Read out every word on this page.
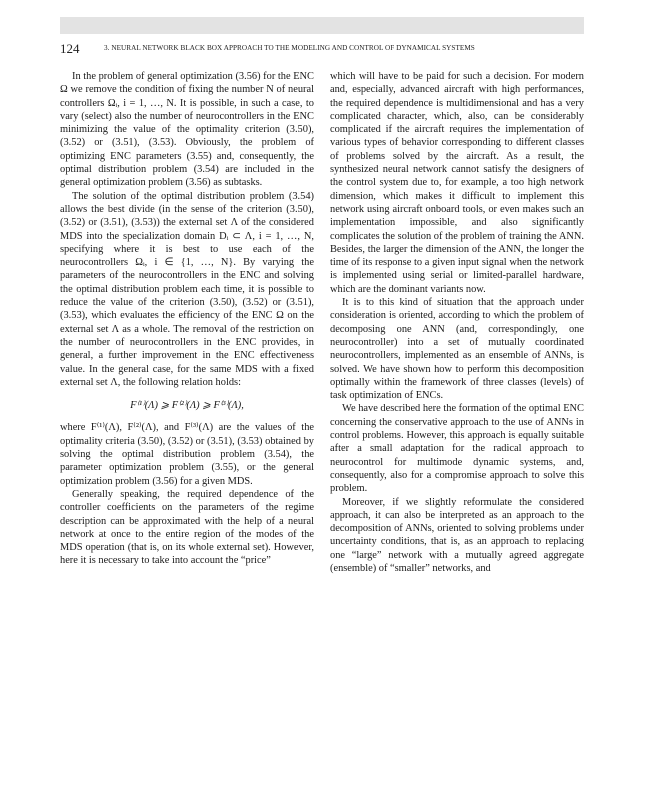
124	3. NEURAL NETWORK BLACK BOX APPROACH TO THE MODELING AND CONTROL OF DYNAMICAL SYSTEMS

In the problem of general optimization (3.56) for the ENC Ω we remove the condition of fixing the number N of neural controllers Ωᵢ, i = 1, …, N. It is possible, in such a case, to vary (select) also the number of neurocontrollers in the ENC minimizing the value of the optimality criterion (3.50), (3.52) or (3.51), (3.53). Obviously, the problem of optimizing ENC parameters (3.55) and, consequently, the optimal distribution problem (3.54) are included in the general optimization problem (3.56) as subtasks.

The solution of the optimal distribution problem (3.54) allows the best divide (in the sense of the criterion (3.50), (3.52) or (3.51), (3.53)) the external set Λ of the considered MDS into the specialization domain Dᵢ ⊂ Λ, i = 1, …, N, specifying where it is best to use each of the neurocontrollers Ωᵢ, i ∈ {1, …, N}. By varying the parameters of the neurocontrollers in the ENC and solving the optimal distribution problem each time, it is possible to reduce the value of the criterion (3.50), (3.52) or (3.51), (3.53), which evaluates the efficiency of the ENC Ω on the external set Λ as a whole. The removal of the restriction on the number of neurocontrollers in the ENC provides, in general, a further improvement in the ENC effectiveness value. In the general case, for the same MDS with a fixed external set Λ, the following relation holds:

F⁽¹⁾(Λ) ⩾ F⁽²⁾(Λ) ⩾ F⁽³⁾(Λ),

where F⁽¹⁾(Λ), F⁽²⁾(Λ), and F⁽³⁾(Λ) are the values of the optimality criteria (3.50), (3.52) or (3.51), (3.53) obtained by solving the optimal distribution problem (3.54), the parameter optimization problem (3.55), or the general optimization problem (3.56) for a given MDS.

Generally speaking, the required dependence of the controller coefficients on the parameters of the regime description can be approximated with the help of a neural network at once to the entire region of the modes of the MDS operation (that is, on its whole external set). However, here it is necessary to take into account the “price”

which will have to be paid for such a decision. For modern and, especially, advanced aircraft with high performances, the required dependence is multidimensional and has a very complicated character, which, also, can be considerably complicated if the aircraft requires the implementation of various types of behavior corresponding to different classes of problems solved by the aircraft. As a result, the synthesized neural network cannot satisfy the designers of the control system due to, for example, a too high network dimension, which makes it difficult to implement this network using aircraft onboard tools, or even makes such an implementation impossible, and also significantly complicates the solution of the problem of training the ANN. Besides, the larger the dimension of the ANN, the longer the time of its response to a given input signal when the network is implemented using serial or limited-parallel hardware, which are the dominant variants now.

It is to this kind of situation that the approach under consideration is oriented, according to which the problem of decomposing one ANN (and, correspondingly, one neurocontroller) into a set of mutually coordinated neurocontrollers, implemented as an ensemble of ANNs, is solved. We have shown how to perform this decomposition optimally within the framework of three classes (levels) of task optimization of ENCs.

We have described here the formation of the optimal ENC concerning the conservative approach to the use of ANNs in control problems. However, this approach is equally suitable after a small adaptation for the radical approach to neurocontrol for multimode dynamic systems, and, consequently, also for a compromise approach to solve this problem.

Moreover, if we slightly reformulate the considered approach, it can also be interpreted as an approach to the decomposition of ANNs, oriented to solving problems under uncertainty conditions, that is, as an approach to replacing one “large” network with a mutually agreed aggregate (ensemble) of “smaller” networks, and
